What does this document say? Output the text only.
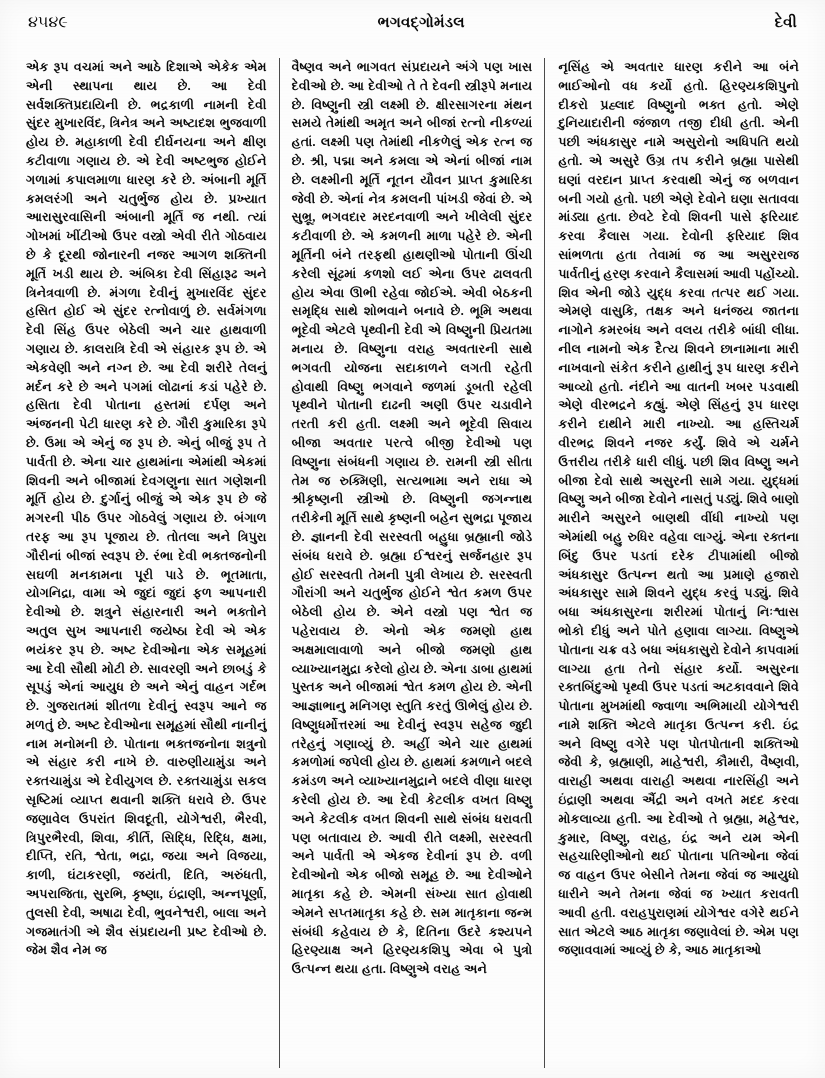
૪૫૪૯	ભગવદ્ગોમંડલ	દેવી

એક રૂપ વચમાં અને આઠે દિશાએ એકેક એમ એની સ્થાપના થાય છે. આ દેવી સર્વશક્તિપ્રદાયિની છે. ભદ્રકાળી નામની દેવી સુંદર મુખારવિંદ, ત્રિનેત્ર અને અષ્ટાદશ ભુજવાળી હોય છે. મહાકાળી દેવી દીર્ઘનયના અને ક્ષીણ કટીવાળા ગણાય છે. એ દેવી અષ્ટભુજ હોઈને ગળામાં કપાલમાળા ધારણ કરે છે. અંબાની મૂર્તિ કમલરંગી અને ચતુર્ભુજ હોય છે. પ્રખ્યાત આરાસુરવાસિની અંબાની મૂર્તિ જ નથી. ત્યાં ગોખમાં ખીંટીઓ ઉપર વસ્ત્રો એવી રીતે ગોઠવાય છે કે દૂરથી જોનારની નજર આગળ શક્તિની મૂર્તિ ખડી થાય છે. અંબિકા દેવી સિંહારૂઢ અને ત્રિનેત્રવાળી છે. મંગળા દેવીનું મુખારવિંદ સુંદર હસિત હોઈ એ સુંદર રત્નોવાળું છે. સર્વમંગળા દેવી સિંહ ઉપર બેઠેલી અને ચાર હાથવાળી ગણાય છે. કાલરાત્રિ દેવી એ સંહારક રૂપ છે. એ એકવેણી અને નગ્ન છે. આ દેવી શરીરે તેલનું મર્દન કરે છે અને પગમાં લોઢાનાં કડાં પહેરે છે. હસિતા દેવી પોતાના હસ્તમાં દર્પણ અને અંજનની પેટી ધારણ કરે છે. ગૌરી કુમારિકા રૂપે છે. ઉમા એ એનું જ રૂપ છે. એનું બીજું રૂપ તે પાર્વતી છે. એના ચાર હાથમાંના એમાંથી એકમાં શિવની અને બીજામાં દેવગણુના સાત ગણેશની મૂર્તિ હોય છે. દુર્ગાનું બીજું એ એક રૂપ છે જે મગરની પીઠ ઉપર ગોઠવેલું ગણાય છે. બંગાળ તરફ આ રૂપ પૂજાય છે. તોતલા અને ત્રિપુરા ગૌરીનાં બીજાં સ્વરૂપ છે. રંભા દેવી ભક્તજનોની સઘળી મનકામના પૂરી પાડે છે. ભૂતમાતા, યોગનિદ્રા, વામા એ જુદાં જુદાં ફળ આપનારી દેવીઓ છે. શત્રુને સંહારનારી અને ભક્તોને અતુલ સુખ આપનારી જયેષ્ઠા દેવી એ એક ભયંકર રૂપ છે. અષ્ટ દેવીઓના એક સમૂહમાં આ દેવી સૌથી મોટી છે. સાવરણી અને છાબડું કે સૂપડું એનાં આયુધ છે અને એનું વાહન ગર્દભ છે. ગુજરાતમાં શીતળા દેવીનું સ્વરૂપ આને જ મળતું છે. અષ્ટ દેવીઓના સમૂહમાં સૌથી નાનીનું નામ મનોમની છે. પોતાના ભક્તજનોના શત્રુનો એ સંહાર કરી નાખે છે. વારુણીયામુંડા અને રક્તચામુંડા એ દેવીયુગલ છે. રક્તચામુંડા સકલ સૃષ્ટિમાં વ્યાપ્ત થવાની શક્તિ ધરાવે છે. ઉપર જણાવેલ ઉપરાંત શિવદૂતી, યોગેશ્વરી, ભૈરવી, ત્રિપુરભૈરવી, શિવા, કીર્તિ, સિદ્ધિ, રિદ્ધિ, ક્ષમા, દીપ્તિ, રતિ, શ્વેતા, ભદ્રા, જયા અને વિજયા, કાળી, ઘંટાકરણી, જયંતી, દિતિ, અરુંધતી, અપરાજિતા, સુરભિ, કૃષ્ણા, ઇંદ્રાણી, અન્નપૂર્ણા, તુલસી દેવી, અષાઢા દેવી, ભુવનેશ્વરી, બાલા અને ગજમાતંગી એ શૈવ સંપ્રદાયની પ્રષ્ટ દેવીઓ છે. જેમ શૈવ નેમ જ

વૈષ્ણવ અને ભાગવત સંપ્રદાયને અંગે પણ ખાસ દેવીઓ છે. આ દેવીઓ તે તે દેવની સ્ત્રીરૂપે મનાય છે. વિષ્ણુની સ્ત્રી લક્ષ્મી છે. ક્ષીરસાગરના મંથન સમયે તેમાંથી અમૃત અને બીજાં રત્નો નીકળ્યાં હતાં. લક્ષ્મી પણ તેમાંથી નીકળેલું એક રત્ન જ છે. શ્રી, પદ્મા અને કમલા એ એનાં બીજાં નામ છે. લક્ષ્મીની મૂર્તિ નૂતન યૌવન પ્રાપ્ત કુમારિકા જેવી છે. એનાં નેત્ર કમલની પાંખડી જેવાં છે. એ સુભ્રૂ, ભગવદાર મરદનવાળી અને ખીલેલી સુંદર કટીવાળી છે. એ કમળની માળા પહેરે છે. એની મૂર્તિની બંને તરફથી હાથણીઓ પોતાની ઊંચી કરેલી સૂંઢમાં કળશો લઈ એના ઉપર ઢાલવતી હોય એવા ઊભી રહેવા જોઈએ. એવી બેઠકની સમૃદ્ધિ સાથે શોભવાને બનાવે છે. ભૂમિ અથવા ભૂદેવી એટલે પૃથ્વીની દેવી એ વિષ્ણુની પ્રિયતમા મનાય છે. વિષ્ણુના વરાહ અવતારની સાથે ભગવતી યોજના સદાકાળને લગતી રહેતી હોવાથી વિષ્ણુ ભગવાને જળમાં ડૂબતી રહેલી પૃથ્વીને પોતાની દાઢની અણી ઉપર ચડાવીને તરતી કરી હતી. લક્ષ્મી અને ભૂદેવી સિવાય બીજા અવતાર પરત્વે બીજી દેવીઓ પણ વિષ્ણુના સંબંધની ગણાય છે. રામની સ્ત્રી સીતા તેમ જ રુક્મિણી, સત્યભામા અને રાધા એ શ્રીકૃષ્ણની સ્ત્રીઓ છે. વિષ્ણુની જગન્નાથ તરીકેની મૂર્તિ સાથે કૃષ્ણની બહેન સુભદ્રા પૂજાય છે. જ્ઞાનની દેવી સરસ્વતી બહુધા બ્રહ્માની જોડે સંબંધ ધરાવે છે. બ્રહ્મા ઈશ્વરનું સર્જનહાર રૂપ હોઈ સરસ્વતી તેમની પુત્રી લેખાય છે. સરસ્વતી ગૌરાંગી અને ચતુર્ભુજ હોઈને શ્વેત કમળ ઉપર બેઠેલી હોય છે. એને વસ્ત્રો પણ શ્વેત જ પહેરાવાય છે. એનો એક જમણો હાથ અક્ષમાલાવાળો અને બીજો જમણો હાથ વ્યાખ્યાનમુદ્રા કરેલો હોય છે. એના ડાબા હાથમાં પુસ્તક અને બીજામાં શ્વેત કમળ હોય છે. એની આજ્ઞાભાનુ મનિગણ સ્તુતિ કરતું ઊભેલું હોય છે. વિષ્ણુધર્મોત્તરમાં આ દેવીનું સ્વરૂપ સહેજ જુદી તરેહનું ગણાવ્યું છે. અહીં એને ચાર હાથમાં કમળોમાં જપેલી હોય છે. હાથમાં કમળાને બદલે કમંડળ અને વ્યાખ્યાનમુદ્રાને બદલે વીણા ધારણ કરેલી હોય છે. આ દેવી કેટલીક વખત વિષ્ણુ અને કેટલીક વખત શિવની સાથે સંબંધ ધરાવતી પણ બતાવાય છે. આવી રીતે લક્ષ્મી, સરસ્વતી અને પાર્વતી એ એકજ દેવીનાં રૂપ છે. વળી દેવીઓનો એક બીજો સમૂહ છે. આ દેવીઓને માતૃકા કહે છે. એમની સંખ્યા સાત હોવાથી એમને સપ્તમાતૃકા કહે છે. સમ માતૃકાના જન્મ સંબંધી કહેવાય છે કે, દિતિના ઉદરે કશ્યપને હિરણ્યાક્ષ અને હિરણ્યકશિપુ એવા બે પુત્રો ઉત્પન્ન થયા હતા. વિષ્ણુએ વરાહ અને

નૃસિંહ એ અવતાર ધારણ કરીને આ બંને ભાઈઓનો વધ કર્યો હતો. હિરણ્યકશિપુનો દીકરો પ્રહ્લાદ વિષ્ણુનો ભક્ત હતો. એણે દુનિયાદારીની જંજાળ તજી દીધી હતી. એની પછી અંધકાસુર નામે અસુરોનો અધિપતિ થયો હતો. એ અસુરે ઉગ્ર તપ કરીને બ્રહ્મા પાસેથી ઘણાં વરદાન પ્રાપ્ત કરવાથી એનું જ બળવાન બની ગયો હતો. પછી એણે દેવોને ઘણા સતાવવા માંડ્યા હતા. છેવટે દેવો શિવની પાસે ફરિયાદ કરવા કૈલાસ ગયા. દેવોની ફરિયાદ શિવ સાંભળતા હતા તેવામાં જ આ અસુરરાજ પાર્વતીનું હરણ કરવાને કૈલાસમાં આવી પહોંચ્યો. શિવ એની જોડે યુદ્ધ કરવા તત્પર થઈ ગયા. એમણે વાસુકિ, તક્ષક અને ધનંજય જાતના નાગોને કમરબંધ અને વલય તરીકે બાંધી લીધા. નીલ નામનો એક દૈત્ય શિવને છાનામાના મારી નાખવાનો સંકેત કરીને હાથીનું રૂપ ધારણ કરીને આવ્યો હતો. નંદીને આ વાતની ખબર પડવાથી એણે વીરભદ્રને કહ્યું. એણે સિંહનું રૂપ ધારણ કરીને દાથીને મારી નાખ્યો. આ હસ્તિચર્મ વીરભદ્ર શિવને નજર કર્યું. શિવે એ ચર્મને ઉત્તરીય તરીકે ધારી લીધું. પછી શિવ વિષ્ણુ અને બીજા દેવો સાથે અસુરની સામે ગયા. યુદ્ધમાં વિષ્ણુ અને બીજા દેવોને નાસતું પડ્યું. શિવે બાણો મારીને અસુરને બાણથી વીંધી નાખ્યો પણ એમાંથી બહુ રુધિર વહેવા લાગ્યું. એના રક્તના બિંદુ ઉપર પડતાં દરેક ટીપામાંથી બીજો અંધકાસુર ઉત્પન્ન થતો આ પ્રમાણે હજારો અંધકાસુર સામે શિવને યુદ્ધ કરવું પડ્યું. શિવે બધા અંધકાસુરના શરીરમાં પોતાનું નિઃશ્વાસ ભોકો દીધું અને પોતે હણાવા લાગ્યા. વિષ્ણુએ પોતાના ચક્ર વડે બધા અંધકાસુરો દેવોને કાપવામાં લાગ્યા હતા તેનો સંહાર કર્યો. અસુરના રક્તબિંદુઓ પૃથ્વી ઉપર પડતાં અટકાવવાને શિવે પોતાના મુખમાંથી જ્વાળા અભિમાયી યોગેશ્વરી નામે શક્તિ એટલે માતૃકા ઉત્પન્ન કરી. ઇંદ્ર અને વિષ્ણુ વગેરે પણ પોતપોતાની શક્તિઓ જેવી કે, બ્રહ્માણી, માહેશ્વરી, કૌમારી, વૈષ્ણવી, વારાહી અથવા વારાહી અથવા નારસિંહી અને ઇંદ્રાણી અથવા ઐંદ્રી અને વખતે મદદ કરવા મોકલાવ્યા હતી. આ દેવીઓ તે બ્રહ્મા, મહેશ્વર, કુમાર, વિષ્ણુ, વરાહ, ઇંદ્ર અને યમ એની સહચારિણીઓનો થઈ પોતાના પતિઓના જેવાં જ વાહન ઉપર બેસીને તેમના જેવાં જ આયુધો ધારીને અને તેમના જેવાં જ ખ્યાત કરાવતી આવી હતી. વરાહપુરાણમાં યોગેશ્વર વગેરે થઈને સાત એટલે આઠ માતૃકા જણાવેલાં છે. એમ પણ જણાવવામાં આવ્યું છે કે, આઠ માતૃકાઓ
